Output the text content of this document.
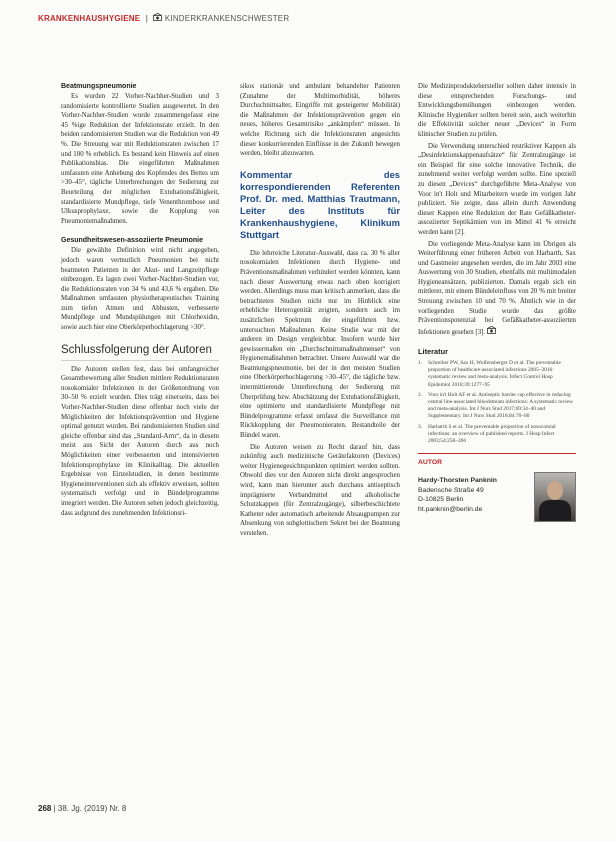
KRANKENHAUSHYGIENE | KINDERKRANKENSCHWESTER
Beatmungspneumonie

Es wurden 22 Vorher-Nachher-Studien und 3 randomisierte kontrollierte Studien ausgewertet. In den Vorher-Nachher-Studien wurde zusammengefasst eine 45 %ige Reduktion der Infektionsrate erzielt. In den beiden randomisierten Studien war die Reduktion von 49 %. Die Streuung war mit Reduktionsraten zwischen 17 und 100 % erheblich. Es bestand kein Hinweis auf einen Publikationsbias. Die eingeführten Maßnahmen umfassten eine Anhebung des Kopfendes des Bettes um >30–45°, tägliche Unterbrechungen der Sedierung zur Beurteilung der möglichen Extubationsfähigkeit, standardisierte Mundpflege, tiefe Venenthrombose und Ulkusprophylaxe, sowie die Kopplung von Pneumoniemaßnahmen.

Gesundheitswesen-assoziierte Pneumonie

Die gewählte Definition wird nicht angegeben, jedoch waren vermutlich Pneumonien bei nicht beatmeten Patienten in der Akut- und Langzeitpflege einbezogen. Es lagen zwei Vorher-Nachher-Studien vor, die Reduktionsraten von 34 % und 43,6 % ergaben. Die Maßnahmen umfassten physiotherapeutisches Training zum tiefen Atmen und Abhusten, verbesserte Mundpflege und Mundspülungen mit Chlorhexidin, sowie auch hier eine Oberkörperhochlagerung >30°.

Schlussfolgerung der Autoren

Die Autoren stellen fest, dass bei umfangreicher Gesamtbewertung aller Studien mittlere Reduktionsraten nosokomialer Infektionen in der Größenordnung von 30–50 % erzielt wurden. Dies trägt einerseits, dass bei Vorher-Nachher-Studien diese offenbar noch viele der Möglichkeiten der Infektionsprävention und Hygiene optimal genutzt wurden. Bei randomisierten Studien sind gleiche offenbar sind das „Standard-Arm“, da in diesem meist aus Sicht der Autoren durch aus noch Möglichkeiten einer verbesserten und intensivierten Infektionsprophylaxe im Klinikalltag. Die aktuellen Ergebnisse von Einzelstudien, in denen bestimmte Hygieneinterventionen sich als effektiv erweisen, sollten systematisch verfolgt und in Bündelprogramme integriert werden. Die Autoren sehen jedoch gleichzeitig, dass aufgrund des zunehmenden Infektionsri-

sikos stationär und ambulant behandelter Patienten (Zunahme der Multimorbidität, höheres Durchschnittsalter, Eingriffe mit gesteigerter Mobilität) die Maßnahmen der Infektionsprävention gegen ein neues, höheres Gesamtrisiko „ankämpfen“ müssen. In welche Richtung sich die Infektionsraten angesichts dieser konkurrierenden Einflüsse in der Zukunft bewegen werden, bleibt abzuwarten.

Kommentar des korrespondierenden Referenten Prof. Dr. med. Matthias Trautmann, Leiter des Instituts für Krankenhaushygiene, Klinikum Stuttgart

Die lehrreiche Literatur-Auswahl, dass ca. 30 % aller nosokomialen Infektionen durch Hygiene- und Präventionsmaßnahmen verhindert werden könnten, kann nach dieser Auswertung etwas nach oben korrigiert werden. Allerdings muss man kritisch anmerken, dass die betrachteten Studien nicht nur im Hinblick eine erhebliche Heterogenität zeigten, sondern auch im zusätzlichen Spektrum der eingeführten bzw. untersuchten Maßnahmen. Keine Studie war mit der anderen im Design vergleichbar. Insofern wurde hier gewissermaßen ein „Durchschnittsmaßnahmenset“ von Hygienemaßnahmen betrachtet. Unsere Auswahl war die Beatmungspneumonie, bei der in den meisten Studien eine Oberkörperhochlagerung >30–45°, die tägliche bzw. intermittierende Unterbrechung der Sedierung mit Überprüfung bzw. Abschätzung der Extubationsfähigkeit, eine optimierte und standardisierte Mundpflege mit Bündelprogramme erfasst umfasst die Surveillance mit Rückkopplung der Pneumonieraten. Bestandteile der Bündel waren.

Die Autoren weisen zu Recht darauf hin, dass zukünftig auch medizinische Gerätefaktoren (Devices) weiter Hygienegesichtspunkten optimiert werden sollten. Obwohl dies vor den Autoren nicht direkt angesprochen wird, kann man hierunter auch durchaus antiseptisch imprägnierte Verbandmittel und alkoholische Schutzkappen (für Zentralzugänge), silberbeschichtete Katheter oder automatisch arbeitende Absaugpumpen zur Absenkung von subglottischem Sekret bei der Beatmung verstehen.

Die Medizinproduktehersteller sollten daher intensiv in diese entsprechenden Forschungs- und Entwicklungsbemühungen einbezogen werden. Klinische Hygieniker sollten bereit sein, auch weiterhin die Effektivität solcher neuer „Devices“ in Form klinischer Studien zu prüfen.

Die Verwendung unterschied restriktiver Kappen als „Desinfektionskappenaufsätze“ für Zentralzugänge ist ein Beispiel für eine solche innovative Technik, die zunehmend weiter verfolgt werden sollte. Eine speziell zu diesen „Devices“ durchgeführte Meta-Analyse von Voor in't Holt und Mitarbeitern wurde im vorigen Jahr publiziert. Sie zeigte, dass allein durch Anwendung dieser Kappen eine Reduktion der Rate Gefäßkatheter-assoziierter Septikämien von im Mittel 41 % erreicht werden kann [2].

Die vorliegende Meta-Analyse kann im Übrigen als Weiterführung einer früheren Arbeit von Harbarth, Sax und Gastmeier angesehen werden, die im Jahr 2003 eine Auswertung von 30 Studien, ebenfalls mit multimodalen Hygieneansätzen, publizierten. Damals ergab sich ein mittlerer, mit einem Bündeleinfluss von 20 % mit breiter Streuung zwischen 10 und 70 %. Ähnlich wie in der vorliegenden Studie wurde das größte Präventionspotenzial bei Gefäßkatheter-assoziierten Infektionen gesehen [3].

Literatur
1. Schreiber PW, Sax H, Wolfensberger D et al. The preventable proportion of healthcare-associated infections 2005–2016: systematic review and meta-analysis. Infect Control Hosp Epidemiol 2018;39:1277–95
2. Voor in't Holt AF et al. Antiseptic barrier cap effective in reducing central line-associated bloodstream infections: A systematic review and meta-analysis. Int J Nurs Stud 2017;69:34–40 and Supplementary. Int J Nurs Stud 2018;84:70–80
3. Harbarth S et al. The preventable proportion of nosocomial infections: an overview of published reports. J Hosp Infect 2003;54:258–266
AUTOR
Hardy-Thorsten Panknin
Badensche Straße 49
D-10825 Berlin
ht.panknin@berlin.de
268 | 38. Jg. (2019) Nr. 8
